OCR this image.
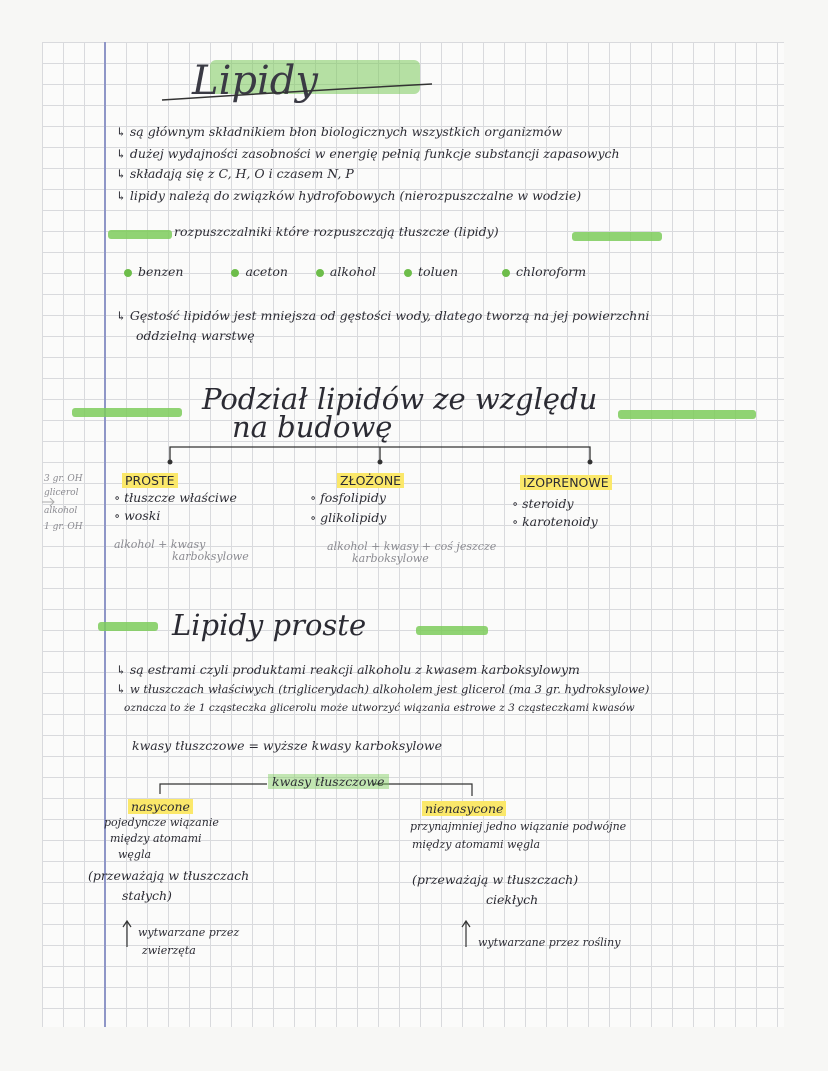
Lipidy
↳ są głównym składnikiem błon biologicznych wszystkich organizmów
↳ dużej wydajności zasobności w energię pełnią funkcje substancji zapasowych
↳ składają się z C, H, O i czasem N, P
↳ lipidy należą do związków hydrofobowych (nierozpuszczalne w wodzie)
rozpuszczalniki które rozpuszczają tłuszcze (lipidy)
benzen	aceton	alkohol	toluen	chloroform
↳ Gęstość lipidów jest mniejsza od gęstości wody, dlatego tworzą na jej powierzchni
oddzielną warstwę
Podział lipidów ze względu
na budowę
3 gr. OH
glicerol
alkohol
1 gr. OH
PROSTE
∘ tłuszcze właściwe
∘ woski
alkohol + kwasy
karboksylowe
ZŁOŻONE
∘ fosfolipidy
∘ glikolipidy
alkohol + kwasy + coś jeszcze
karboksylowe
IZOPRENOWE
∘ steroidy
∘ karotenoidy
Lipidy proste
↳ są estrami czyli produktami reakcji alkoholu z kwasem karboksylowym
↳ w tłuszczach właściwych (triglicerydach) alkoholem jest glicerol (ma 3 gr. hydroksylowe)
oznacza to że 1 cząsteczka glicerolu może utworzyć wiązania estrowe z 3 cząsteczkami kwasów
kwasy tłuszczowe = wyższe kwasy karboksylowe
kwasy tłuszczowe
nasycone
pojedyncze wiązanie
między atomami
węgla
(przeważają w tłuszczach
stałych)
wytwarzane przez
zwierzęta
nienasycone
przynajmniej jedno wiązanie podwójne
między atomami węgla
(przeważają w tłuszczach)
ciekłych
wytwarzane przez rośliny
